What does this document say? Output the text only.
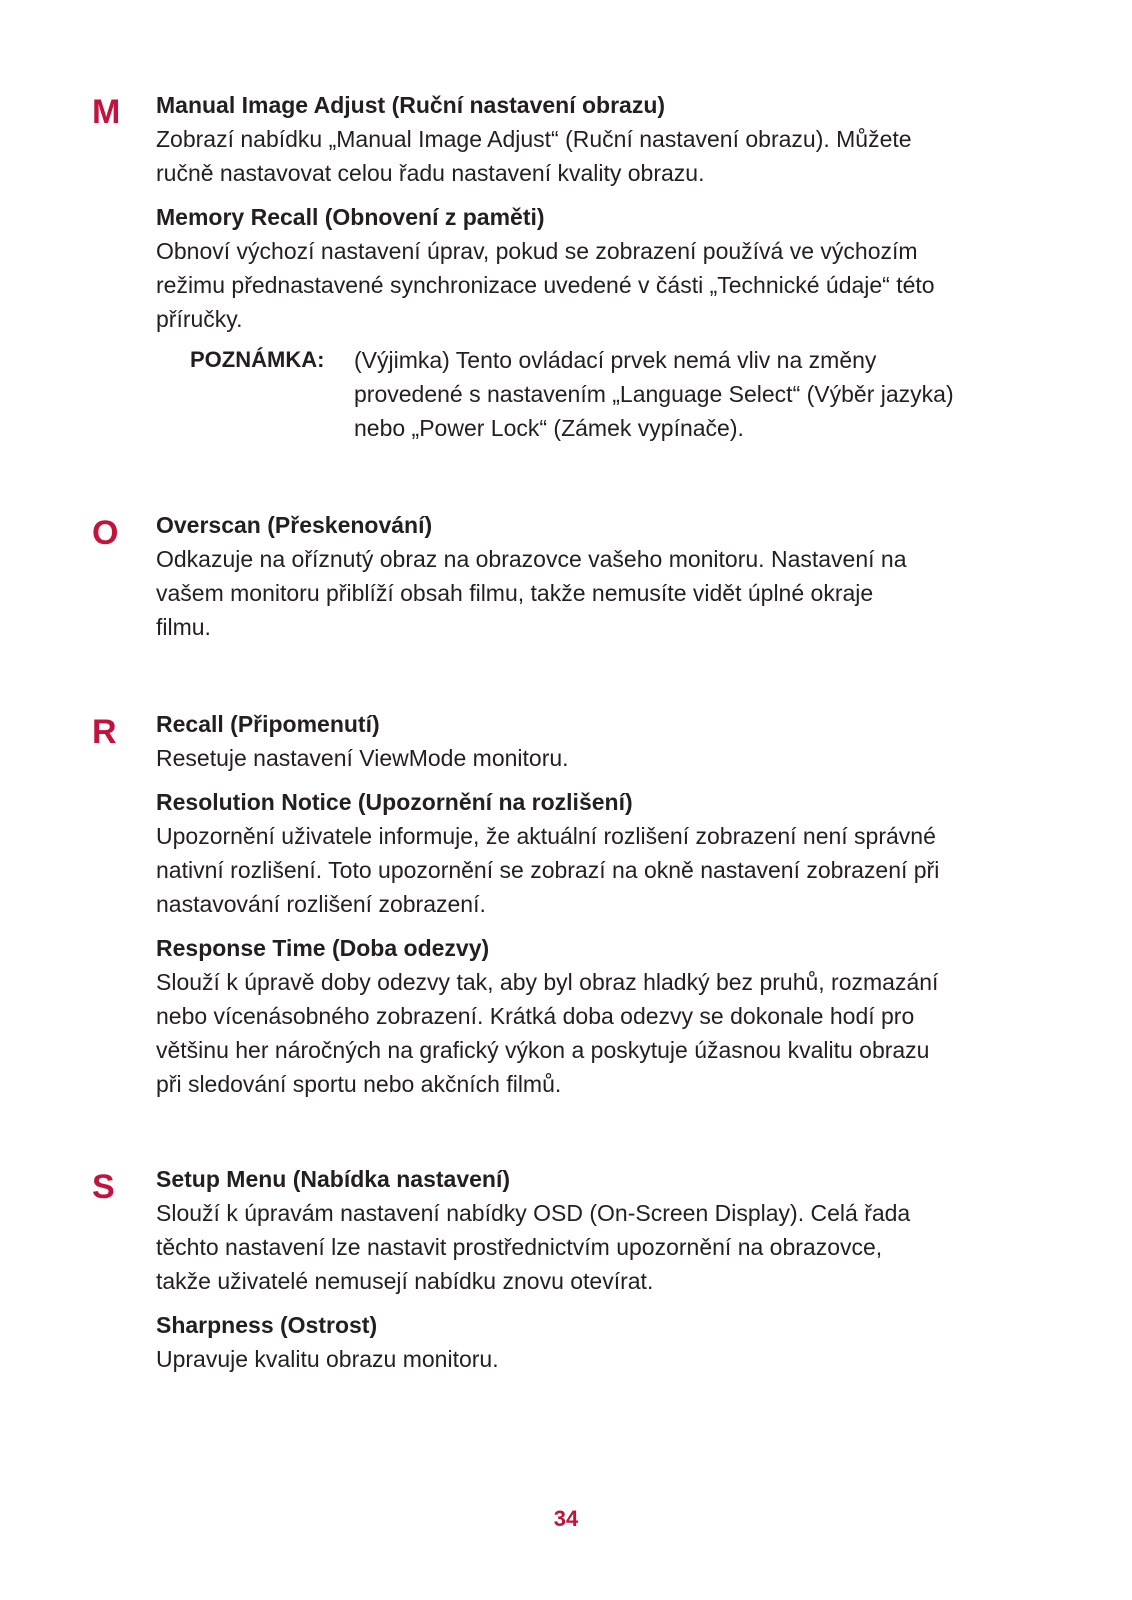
M Manual Image Adjust (Ruční nastavení obrazu)

Zobrazí nabídku „Manual Image Adjust“ (Ruční nastavení obrazu). Můžete
ručně nastavovat celou řadu nastavení kvality obrazu.

Memory Recall (Obnovení z paměti)

Obnoví výchozí nastavení úprav, pokud se zobrazení používá ve výchozím
režimu přednastavené synchronizace uvedené v části „Technické údaje“ této
příručky.

POZNÁMKA:	(Výjimka) Tento ovládací prvek nemá vliv na změny
provedené s nastavením „Language Select“ (Výběr jazyka)
nebo „Power Lock“ (Zámek vypínače).
O Overscan (Přeskenování)

Odkazuje na oříznutý obraz na obrazovce vašeho monitoru. Nastavení na
vašem monitoru přiblíží obsah filmu, takže nemusíte vidět úplné okraje
filmu.

R Recall (Připomenutí)

Resetuje nastavení ViewMode monitoru.

Resolution Notice (Upozornění na rozlišení)

Upozornění uživatele informuje, že aktuální rozlišení zobrazení není správné
nativní rozlišení. Toto upozornění se zobrazí na okně nastavení zobrazení při
nastavování rozlišení zobrazení.

Response Time (Doba odezvy)

Slouží k úpravě doby odezvy tak, aby byl obraz hladký bez pruhů, rozmazání
nebo vícenásobného zobrazení. Krátká doba odezvy se dokonale hodí pro
většinu her náročných na grafický výkon a poskytuje úžasnou kvalitu obrazu
při sledování sportu nebo akčních filmů.

S Setup Menu (Nabídka nastavení)

Slouží k úpravám nastavení nabídky OSD (On-Screen Display). Celá řada
těchto nastavení lze nastavit prostřednictvím upozornění na obrazovce,
takže uživatelé nemusejí nabídku znovu otevírat.

Sharpness (Ostrost)

Upravuje kvalitu obrazu monitoru.

34
